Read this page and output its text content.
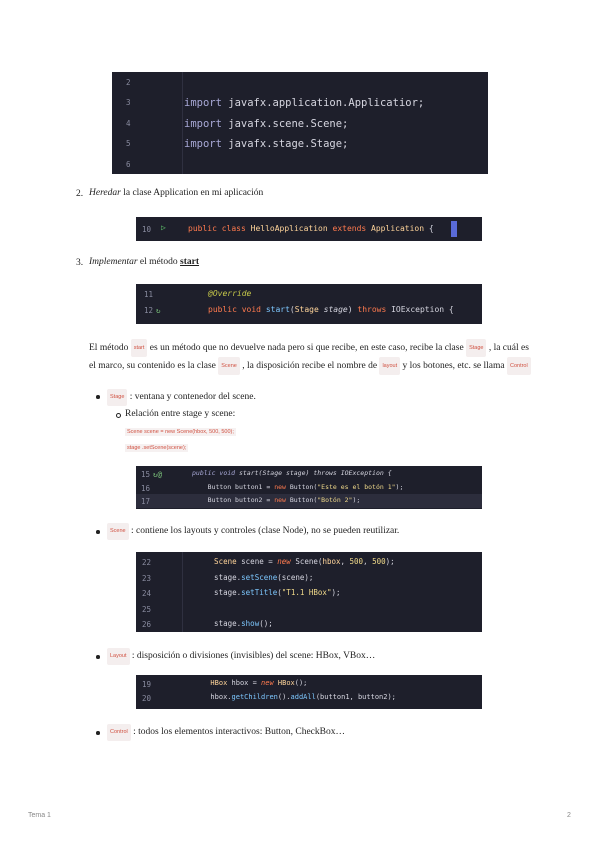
2
3	import javafx.application.Applicatior;
4	import javafx.scene.Scene;
5	import javafx.stage.Stage;
6
2. Heredar la clase Application en mi aplicación
10 ▷	public class HelloApplication extends Application {
3. Implementar el método start
11	@Override
12 ↻	public void start(Stage stage) throws IOException {
El método start es un método que no devuelve nada pero si que recibe, en este caso, recibe la clase Stage , la cuál es el marco, su contenido es la clase Scene , la disposición recibe el nombre de layout y los botones, etc. se llama Control
Stage : ventana y contenedor del scene.
Relación entre stage y scene:
Scene scene = new Scene(hbox, 500, 500);
stage .setScene(scene);
15 ↻@	public void start(Stage stage) throws IOException {
16	Button button1 = new Button("Este es el botón 1");
17	Button button2 = new Button("Botón 2");
Scene : contiene los layouts y controles (clase Node), no se pueden reutilizar.
22	Scene scene = new Scene(hbox, 500, 500);
23	stage.setScene(scene);
24	stage.setTitle("T1.1 HBox");
25
26	stage.show();
Layout : disposición o divisiones (invisibles) del scene: HBox, VBox…
19	HBox hbox = new HBox();
20	hbox.getChildren().addAll(button1, button2);
Control : todos los elementos interactivos: Button, CheckBox…
Tema 1	2
